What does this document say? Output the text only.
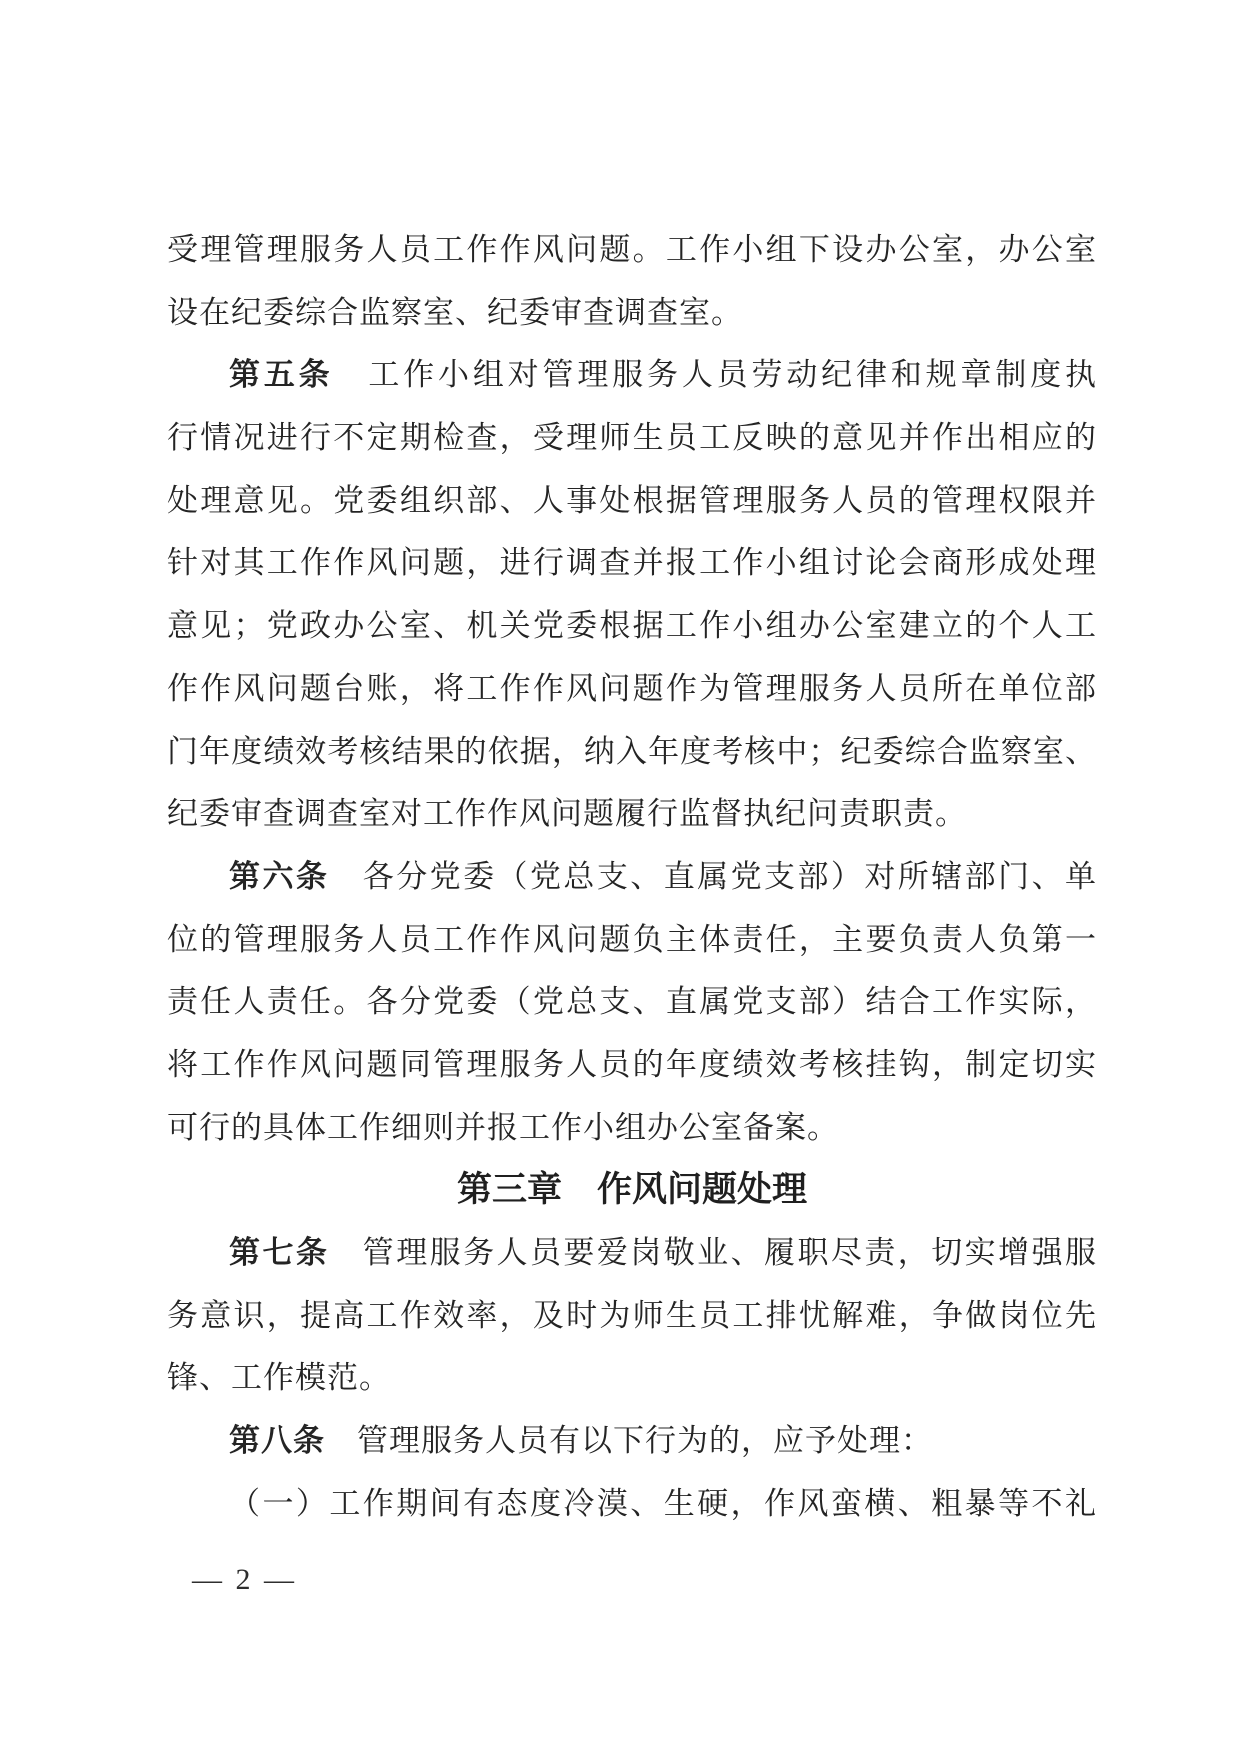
受理管理服务人员工作作风问题。工作小组下设办公室，办公室
设在纪委综合监察室、纪委审查调查室。
第五条　工作小组对管理服务人员劳动纪律和规章制度执
行情况进行不定期检查，受理师生员工反映的意见并作出相应的
处理意见。党委组织部、人事处根据管理服务人员的管理权限并
针对其工作作风问题，进行调查并报工作小组讨论会商形成处理
意见；党政办公室、机关党委根据工作小组办公室建立的个人工
作作风问题台账，将工作作风问题作为管理服务人员所在单位部
门年度绩效考核结果的依据，纳入年度考核中；纪委综合监察室、
纪委审查调查室对工作作风问题履行监督执纪问责职责。
第六条　各分党委（党总支、直属党支部）对所辖部门、单
位的管理服务人员工作作风问题负主体责任，主要负责人负第一
责任人责任。各分党委（党总支、直属党支部）结合工作实际，
将工作作风问题同管理服务人员的年度绩效考核挂钩，制定切实
可行的具体工作细则并报工作小组办公室备案。
第三章　作风问题处理
第七条　管理服务人员要爱岗敬业、履职尽责，切实增强服
务意识，提高工作效率，及时为师生员工排忧解难，争做岗位先
锋、工作模范。
第八条　管理服务人员有以下行为的，应予处理：
（一）工作期间有态度冷漠、生硬，作风蛮横、粗暴等不礼
— 2 —
